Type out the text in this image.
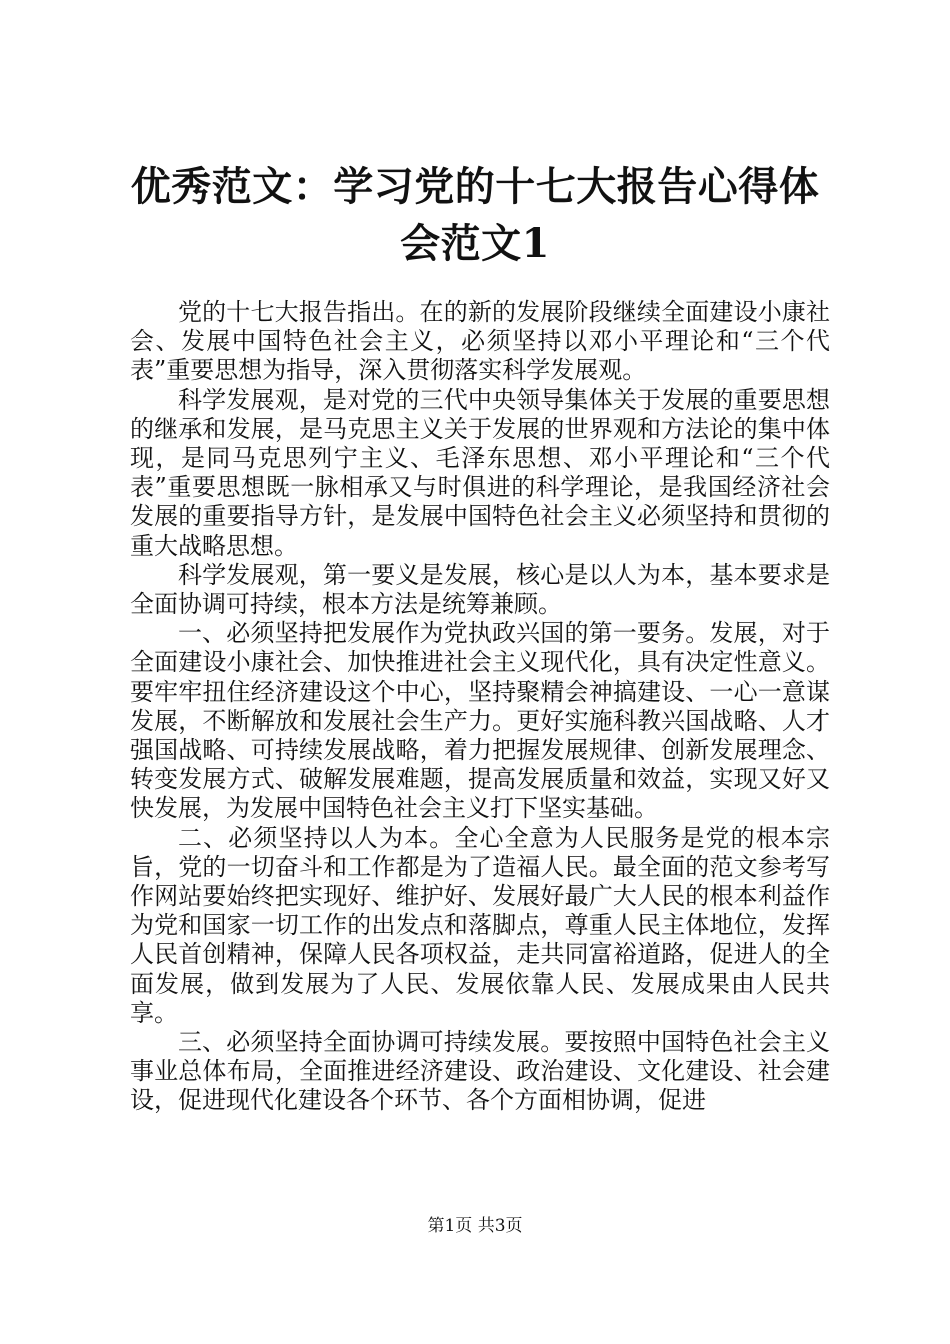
优秀范文：学习党的十七大报告心得体会范文1

党的十七大报告指出。在的新的发展阶段继续全面建设小康社会、发展中国特色社会主义，必须坚持以邓小平理论和“三个代表”重要思想为指导，深入贯彻落实科学发展观。

科学发展观，是对党的三代中央领导集体关于发展的重要思想的继承和发展，是马克思主义关于发展的世界观和方法论的集中体现，是同马克思列宁主义、毛泽东思想、邓小平理论和“三个代表”重要思想既一脉相承又与时俱进的科学理论，是我国经济社会发展的重要指导方针，是发展中国特色社会主义必须坚持和贯彻的重大战略思想。

科学发展观，第一要义是发展，核心是以人为本，基本要求是全面协调可持续，根本方法是统筹兼顾。

一、必须坚持把发展作为党执政兴国的第一要务。发展，对于全面建设小康社会、加快推进社会主义现代化，具有决定性意义。要牢牢扭住经济建设这个中心，坚持聚精会神搞建设、一心一意谋发展，不断解放和发展社会生产力。更好实施科教兴国战略、人才强国战略、可持续发展战略，着力把握发展规律、创新发展理念、转变发展方式、破解发展难题，提高发展质量和效益，实现又好又快发展，为发展中国特色社会主义打下坚实基础。

二、必须坚持以人为本。全心全意为人民服务是党的根本宗旨，党的一切奋斗和工作都是为了造福人民。最全面的范文参考写作网站要始终把实现好、维护好、发展好最广大人民的根本利益作为党和国家一切工作的出发点和落脚点，尊重人民主体地位，发挥人民首创精神，保障人民各项权益，走共同富裕道路，促进人的全面发展，做到发展为了人民、发展依靠人民、发展成果由人民共享。

三、必须坚持全面协调可持续发展。要按照中国特色社会主义事业总体布局，全面推进经济建设、政治建设、文化建设、社会建设，促进现代化建设各个环节、各个方面相协调，促进

第1页 共3页
